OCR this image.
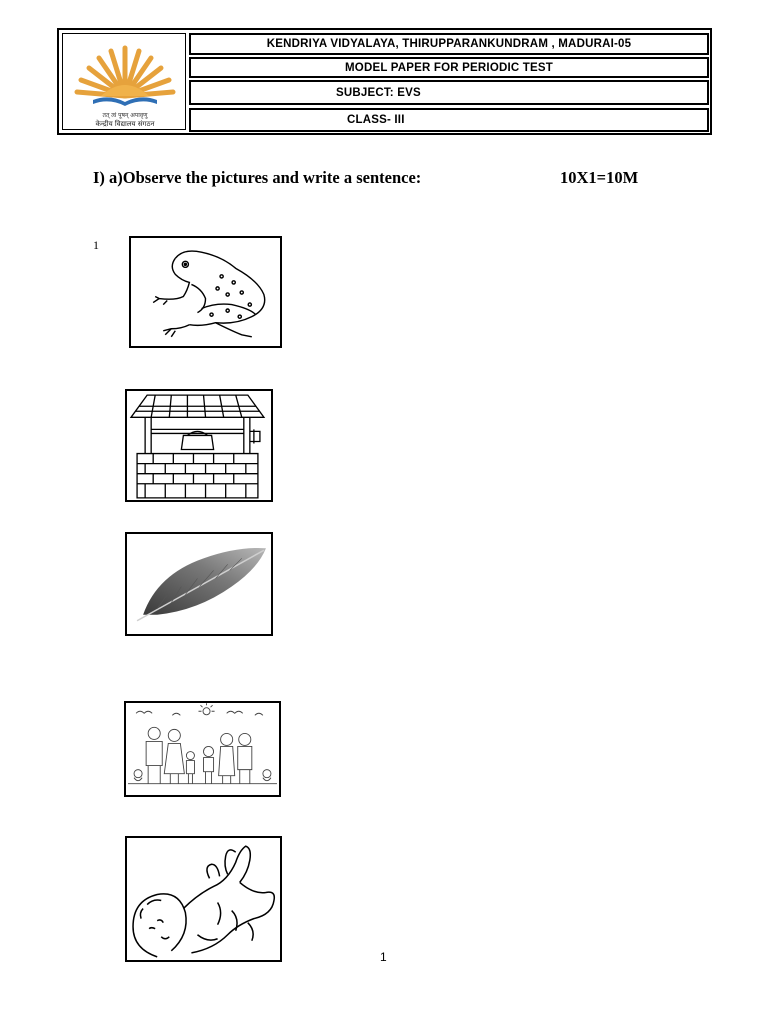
तत् त्वं पूषन् अपावृणु
केन्द्रीय विद्यालय संगठन
KENDRIYA VIDYALAYA, THIRUPPARANKUNDRAM , MADURAI-05
MODEL PAPER FOR PERIODIC TEST
SUBJECT: EVS
CLASS- III
I) a)Observe the pictures and write a sentence:	10X1=10M
1
1
